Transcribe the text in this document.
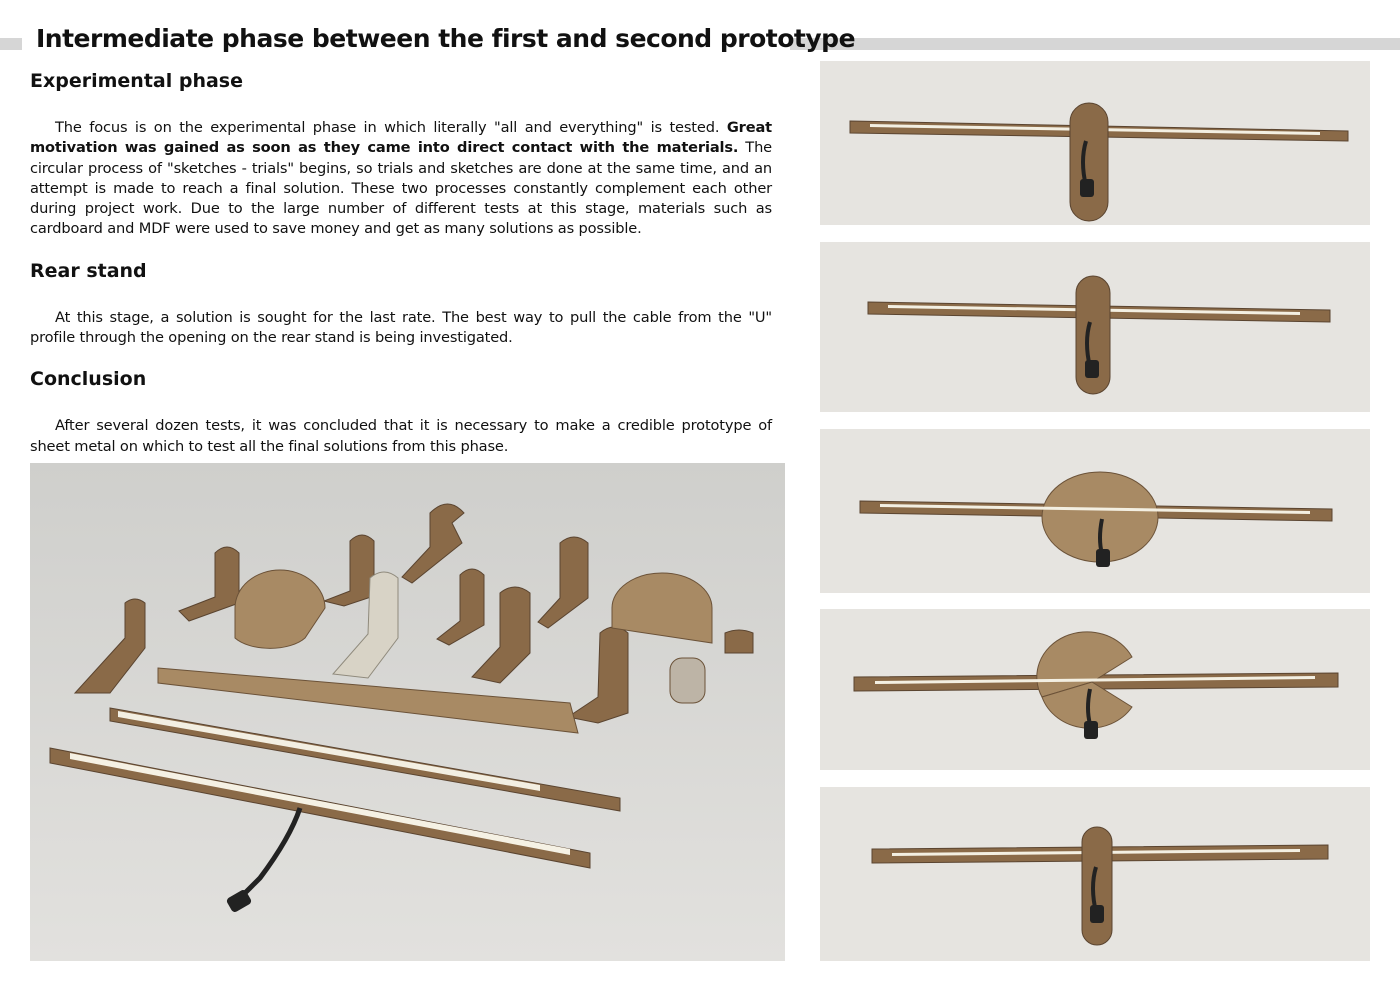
Intermediate phase between the first and second prototype
Experimental phase

The focus is on the experimental phase in which literally "all and everything" is tested. Great motivation was gained as soon as they came into direct contact with the materials. The circular process of "sketches - trials" begins, so trials and sketches are done at the same time, and an attempt is made to reach a final solution. These two processes constantly complement each other during project work. Due to the large number of different tests at this stage, materials such as cardboard and MDF were used to save money and get as many solutions as possible.

Rear stand

At this stage, a solution is sought for the last rate. The best way to pull the cable from the "U" profile through the opening on the rear stand is being investigated.

Conclusion

After several dozen tests, it was concluded that it is necessary to make a credible prototype of sheet metal on which to test all the final solutions from this phase.
